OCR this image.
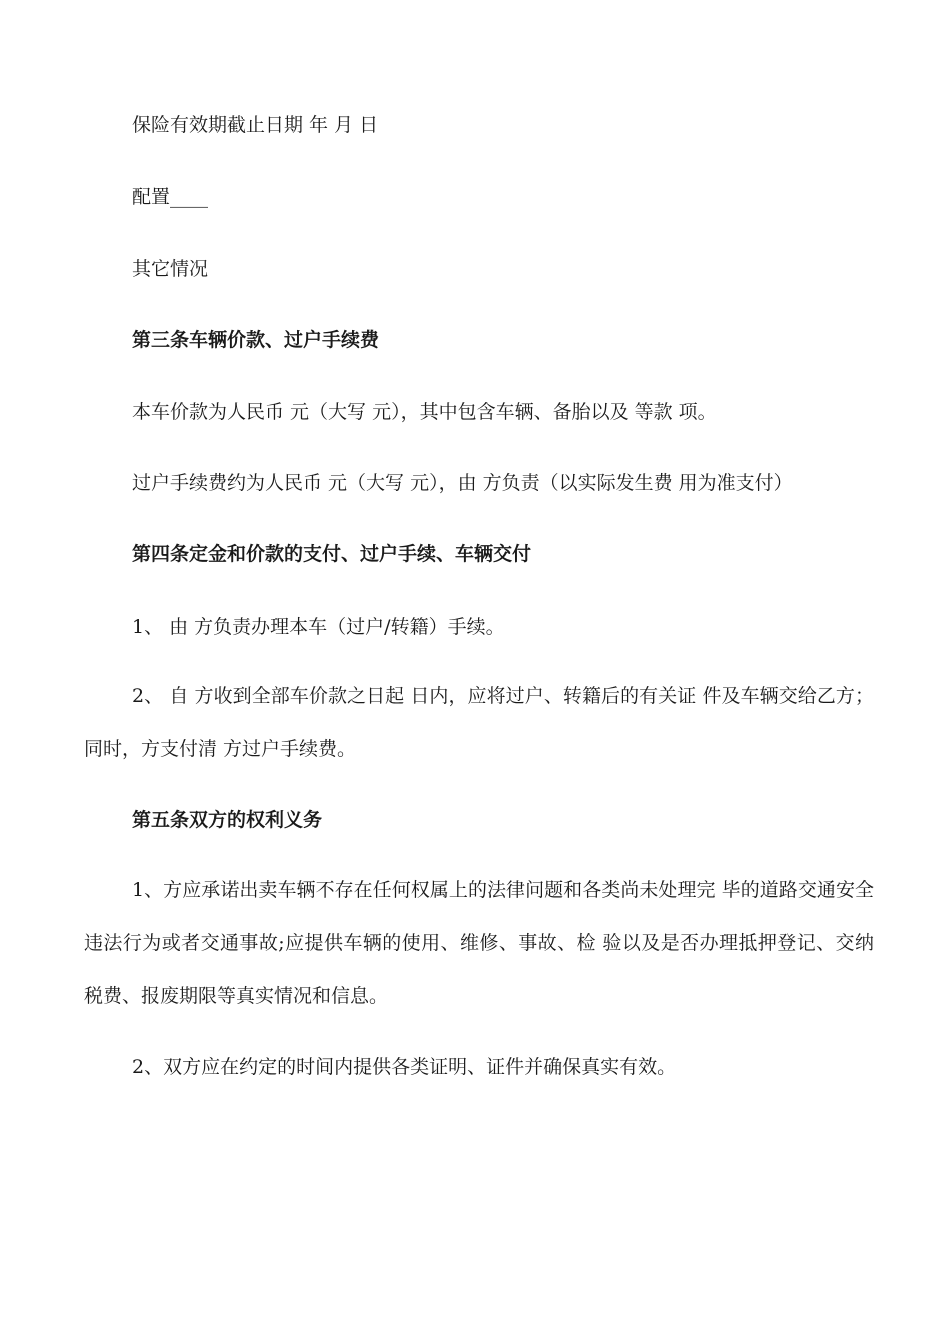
保险有效期截止日期 年 月 日
配置____
其它情况
第三条车辆价款、过户手续费
本车价款为人民币 元（大写 元），其中包含车辆、备胎以及 等款 项。
过户手续费约为人民币 元（大写 元），由 方负责（以实际发生费 用为准支付）
第四条定金和价款的支付、过户手续、车辆交付
1、 由 方负责办理本车（过户/转籍）手续。
2、 自 方收到全部车价款之日起 日内，应将过户、转籍后的有关证 件及车辆交给乙方；同时，方支付清 方过户手续费。
第五条双方的权利义务
1、方应承诺出卖车辆不存在任何权属上的法律问题和各类尚未处理完 毕的道路交通安全违法行为或者交通事故;应提供车辆的使用、维修、事故、检 验以及是否办理抵押登记、交纳税费、报废期限等真实情况和信息。
2、双方应在约定的时间内提供各类证明、证件并确保真实有效。
